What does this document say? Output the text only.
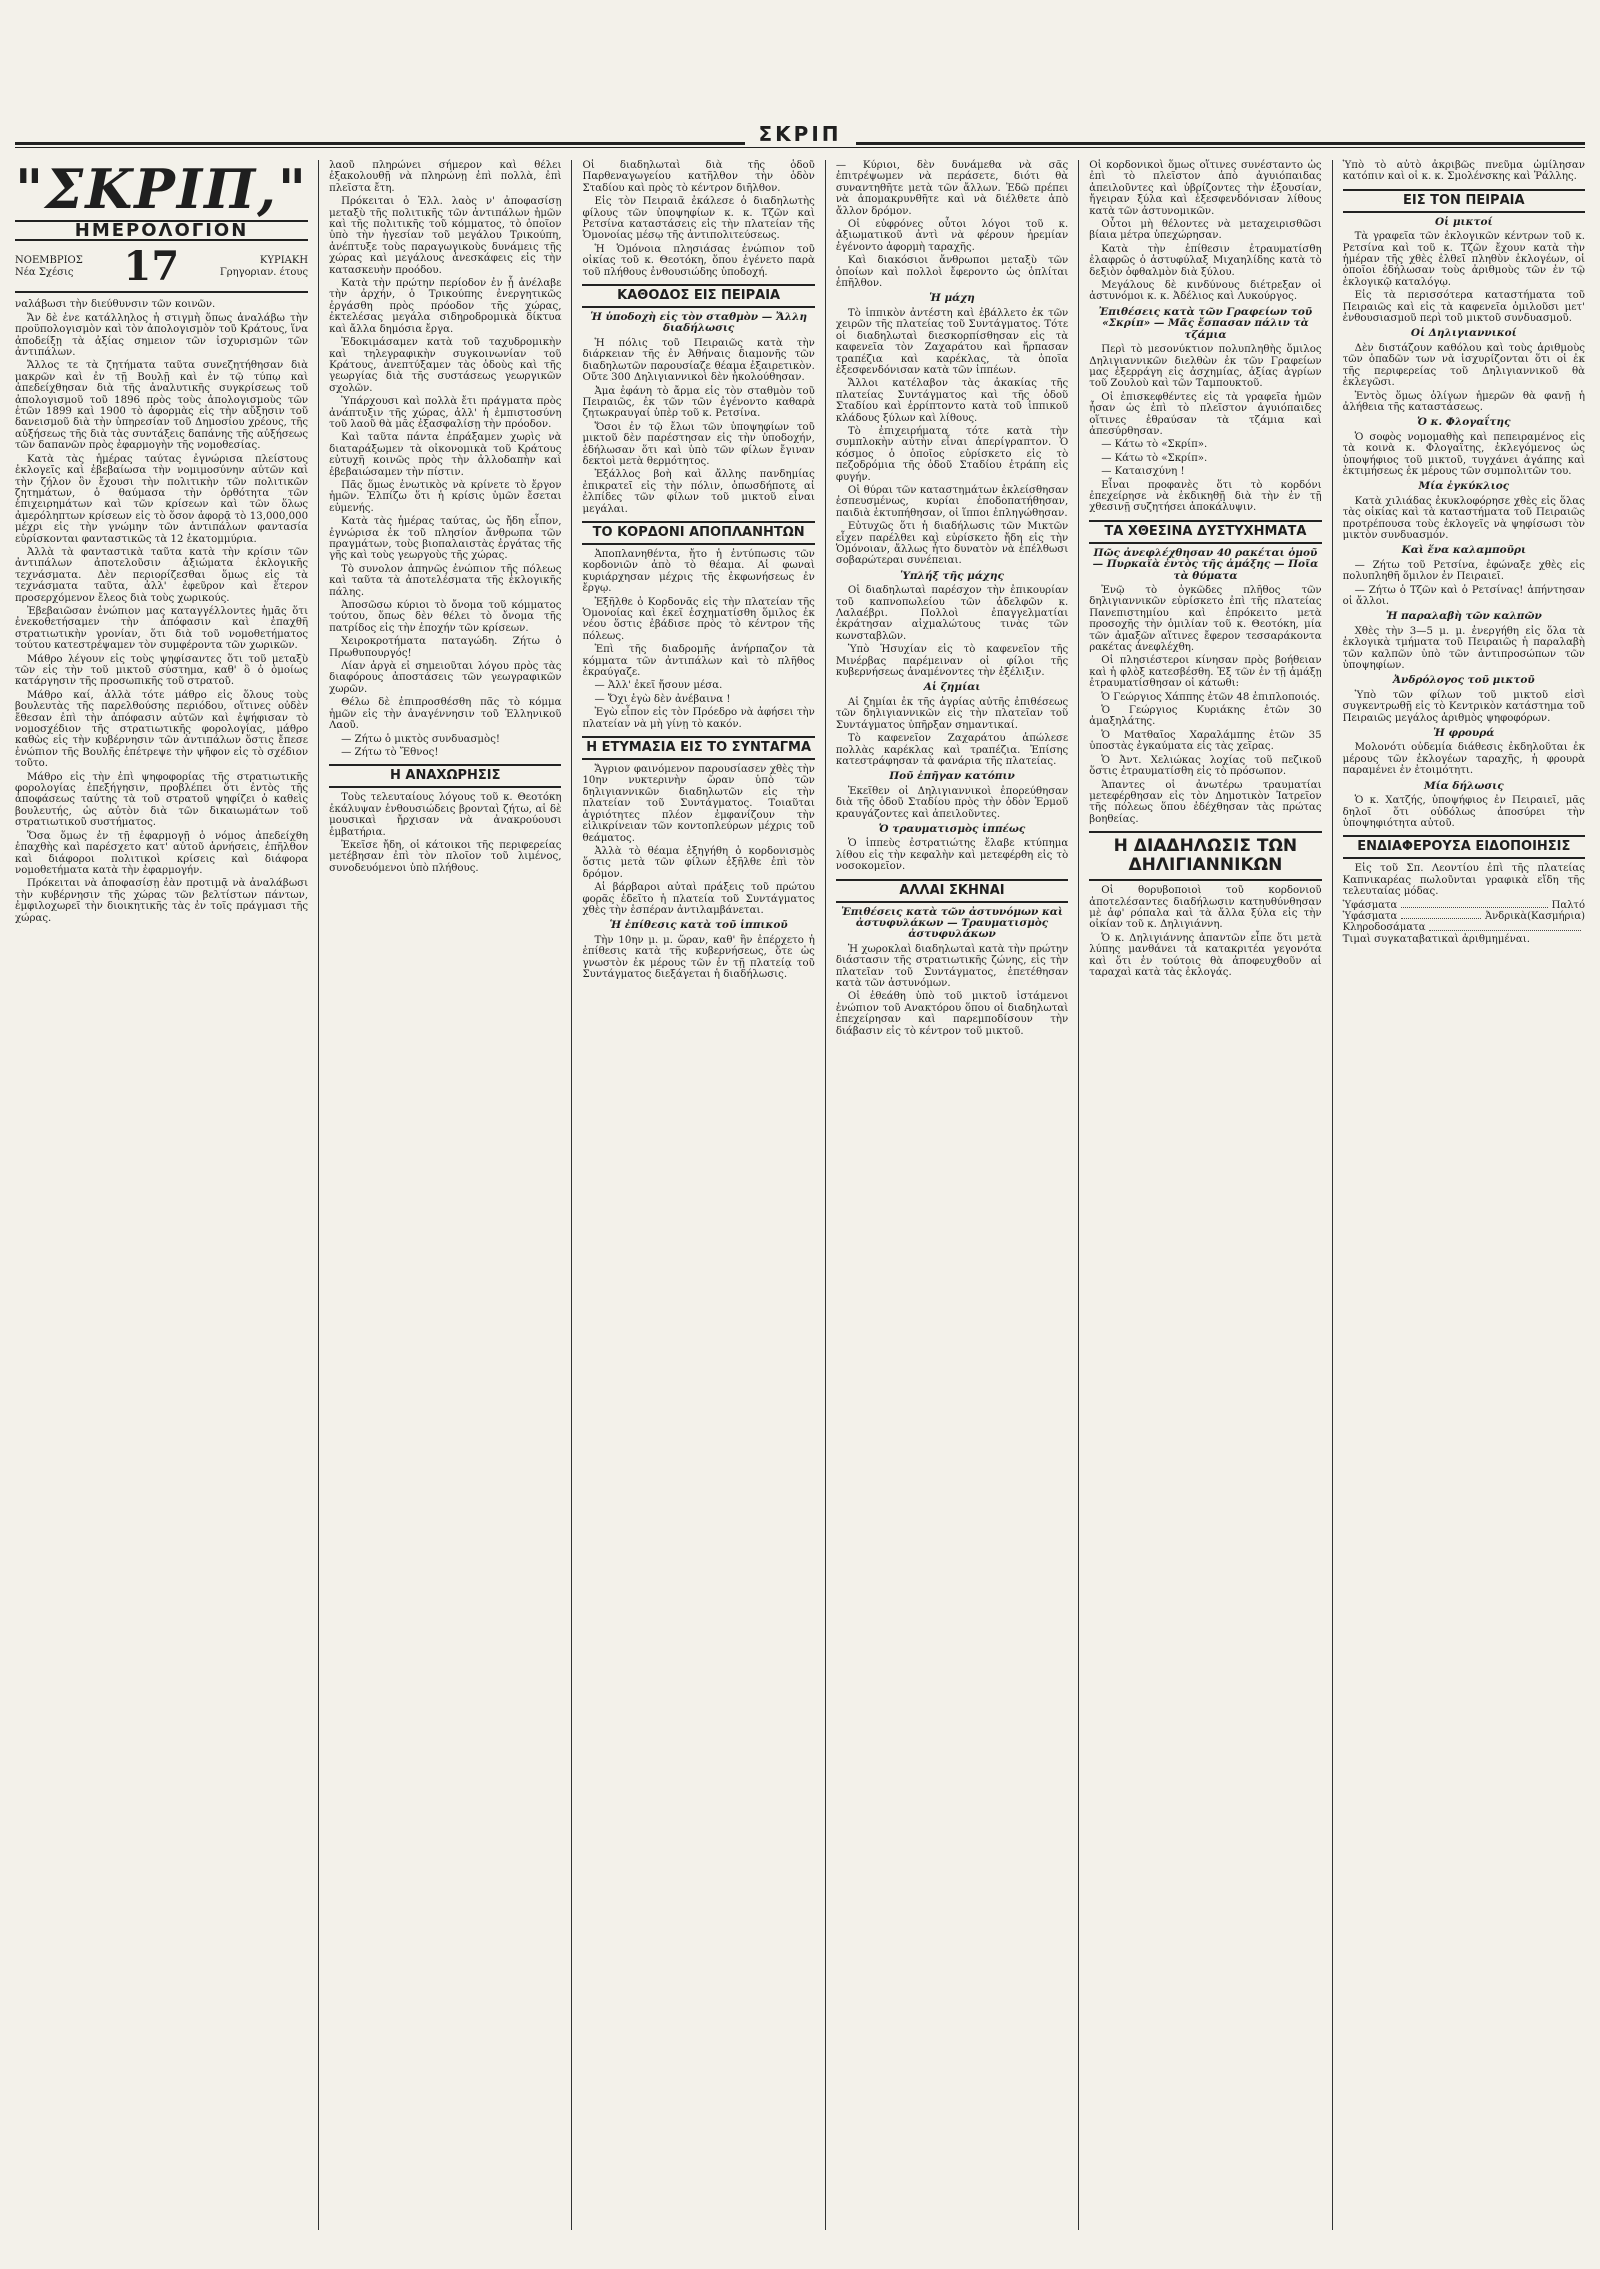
ΣΚΡΙΠ
"ΣΚΡΙΠ,"
ΗΜΕΡΟΛΟΓΙΟΝ
ΝΟΕΜΒΡΙΟΣ
Νέα Σχέσις 17	ΚΥΡΙΑΚΗ
Γρηγοριαν. έτους

ναλάβωσι τὴν διεύθυνσιν τῶν κοινῶν.

Ἄν δὲ ἐνε κατάλληλος ἡ στιγμὴ ὅπως ἀναλάβω τὴν προϋπολογισμὸν καὶ τὸν ἀπολογισμὸν τοῦ Κράτους, ἵνα ἀποδείξῃ τὰ ἀξίας σημειον τῶν ἰσχυρισμῶν τῶν ἀντιπάλων.

Ἄλλος τε τὰ ζητήματα ταῦτα συνεζητήθησαν διὰ μακρῶν καὶ ἐν τῇ Βουλῇ καὶ ἐν τῷ τύπῳ καὶ ἀπεδείχθησαν διὰ τῆς ἀναλυτικῆς συγκρίσεως τοῦ ἀπολογισμοῦ τοῦ 1896 πρὸς τοὺς ἀπολογισμοὺς τῶν ἐτῶν 1899 καὶ 1900 τὸ ἀφορμὰς εἰς τὴν αὔξησιν τοῦ δανεισμοῦ διὰ τὴν ὑπηρεσίαν τοῦ Δημοσίου χρέους, τῆς αὐξήσεως τῆς διὰ τὰς συντάξεις δαπάνης τῆς αὐξήσεως τῶν δαπανῶν πρὸς ἐφαρμογὴν τῆς νομοθεσίας.

Κατὰ τὰς ἡμέρας ταύτας ἐγνώρισα πλείστους ἐκλογεῖς καὶ ἐβεβαίωσα τὴν νομιμοσύνην αὐτῶν καὶ τὴν ζήλον ὃν ἔχουσι τὴν πολιτικὴν τῶν πολιτικῶν ζητημάτων, ὁ θαύμασα τὴν ὀρθότητα τῶν ἐπιχειρημάτων καὶ τῶν κρίσεων καὶ τῶν ὅλως ἀμερόληπτων κρίσεων εἰς τὸ ὅσον ἀφορᾷ τὸ 13,000,000 μέχρι εἰς τὴν γνώμην τῶν ἀντιπάλων φαντασία εὑρίσκονται φανταστικῶς τὰ 12 ἑκατομμύρια.

Ἀλλὰ τὰ φανταστικὰ ταῦτα κατὰ τὴν κρίσιν τῶν ἀντιπάλων ἀποτελοῦσιν ἀξιώματα ἐκλογικῆς τεχνάσματα. Δὲν περιορίζεσθαι ὅμως εἰς τὰ τεχνάσματα ταῦτα, ἀλλ' ἐφεῦρον καὶ ἕτερον προσερχόμενον ἔλεος διὰ τοὺς χωρικούς.

Ἐβεβαιῶσαν ἐνώπιον μας καταγγέλλοντες ἡμᾶς ὅτι ἐνεκοθετήσαμεν τὴν ἀπόφασιν καὶ ἐπαχθῆ στρατιωτικὴν γρονίαν, ὅτι διὰ τοῦ νομοθετήματος τούτου κατεστρέψαμεν τὸν συμφέροντα τῶν χωρικῶν.

Μάθρο λέγουν εἰς τοὺς ψηφίσαντες ὅτι τοῦ μεταξὺ τῶν εἰς τὴν τοῦ μικτοῦ σύστημα, καθ' ὃ ὁ ὁμοίως κατάργησιν τῆς προσωπικῆς τοῦ στρατοῦ.

Μάθρο καί, ἀλλὰ τότε μάθρο εἰς ὅλους τοὺς βουλευτὰς τῆς παρελθούσης περιόδου, οἵτινες οὐδὲν ἔθεσαν ἐπὶ τὴν ἀπόφασιν αὐτῶν καὶ ἐψήφισαν τὸ νομοσχέδιον τῆς στρατιωτικῆς φορολογίας, μάθρο καθὼς εἰς τὴν κυβέρνησιν τῶν ἀντιπάλων ὅστις ἔπεσε ἐνώπιον τῆς Βουλῆς ἐπέτρεψε τὴν ψῆφον εἰς τὸ σχέδιον τοῦτο.

Μάθρο εἰς τὴν ἐπὶ ψηφοφορίας τῆς στρατιωτικῆς φορολογίας ἐπεξήγησιν, προβλέπει ὅτι ἐντὸς τῆς ἀποφάσεως ταύτης τὰ τοῦ στρατοῦ ψηφίζει ὁ καθεὶς βουλευτής, ὡς αὐτὸν διὰ τῶν δικαιωμάτων τοῦ στρατιωτικοῦ συστήματος.

Ὅσα ὅμως ἐν τῇ ἐφαρμογῇ ὁ νόμος ἀπεδείχθη ἐπαχθὴς καὶ παρέσχετο κατ' αὐτοῦ ἀρνήσεις, ἐπῆλθον καὶ διάφοροι πολιτικοὶ κρίσεις καὶ διάφορα νομοθετήματα κατὰ τὴν ἐφαρμογήν.

Πρόκειται νὰ ἀποφασίσῃ ἐὰν προτιμᾷ νὰ ἀναλάβωσι τὴν κυβέρνησιν τῆς χώρας τῶν βελτίστων πάντων, ἐμφιλοχωρεῖ τὴν διοικητικῆς τὰς ἐν τοῖς πράγμασι τῆς χώρας.

λαοῦ πληρώνει σήμερον καὶ θέλει ἐξακολουθῇ νὰ πληρώνῃ ἐπὶ πολλὰ, ἐπὶ πλεῖστα ἔτη.

Πρόκειται ὁ Ἑλλ. λαὸς ν' ἀποφασίσῃ μεταξὺ τῆς πολιτικῆς τῶν ἀντιπάλων ἡμῶν καὶ τῆς πολιτικῆς τοῦ κόμματος, τὸ ὁποῖον ὑπὸ τὴν ἡγεσίαν τοῦ μεγάλου Τρικούπη, ἀνέπτυξε τοὺς παραγωγικοὺς δυνάμεις τῆς χώρας καὶ μεγάλους ἀνεσκάφεις εἰς τὴν κατασκευὴν προόδου.

Κατὰ τὴν πρώτην περίοδον ἐν ᾗ ἀνέλαβε τὴν ἀρχήν, ὁ Τρικούπης ἐνεργητικῶς ἐργάσθη πρὸς πρόοδον τῆς χώρας, ἐκτελέσας μεγάλα σιδηροδρομικὰ δίκτυα καὶ ἄλλα δημόσια ἔργα.

Ἐδοκιμάσαμεν κατὰ τοῦ ταχυδρομικὴν καὶ τηλεγραφικὴν συγκοινωνίαν τοῦ Κράτους, ἀνεπτύξαμεν τὰς ὁδοὺς καὶ τῆς γεωργίας διὰ τῆς συστάσεως γεωργικῶν σχολῶν.

Ὑπάρχουσι καὶ πολλὰ ἔτι πράγματα πρὸς ἀνάπτυξιν τῆς χώρας, ἀλλ' ἡ ἐμπιστοσύνη τοῦ λαοῦ θὰ μᾶς ἐξασφαλίσῃ τὴν πρόοδον.

Καὶ ταῦτα πάντα ἐπράξαμεν χωρὶς νὰ διαταράξωμεν τὰ οἰκονομικὰ τοῦ Κράτους εὐτυχῆ κοινῶς πρὸς τὴν ἀλλοδαπὴν καὶ ἐβεβαιώσαμεν τὴν πίστιν.

Πᾶς ὅμως ἐνωτικὸς νὰ κρίνετε τὸ ἔργον ἡμῶν. Ἐλπίζω ὅτι ἡ κρίσις ὑμῶν ἔσεται εὐμενής.

Κατὰ τὰς ἡμέρας ταύτας, ὡς ἤδη εἶπον, ἐγνώρισα ἐκ τοῦ πλησίον ἄνθρωπα τῶν πραγμάτων, τοὺς βιοπαλαιστὰς ἐργάτας τῆς γῆς καὶ τοὺς γεωργοὺς τῆς χώρας.

Τὸ συνολον ἀπηνῶς ἐνώπιον τῆς πόλεως καὶ ταῦτα τὰ ἀποτελέσματα τῆς ἐκλογικῆς πάλης.

Ἀποσῶσω κύριοι τὸ ὄνομα τοῦ κόμματος τούτου, ὅπως δὲν θέλει τὸ ὄνομα τῆς πατρίδος εἰς τὴν ἐποχήν τῶν κρίσεων.

Χειροκροτήματα παταγώδη. Ζήτω ὁ Πρωθυπουργός!

Λίαν ἀργὰ εἰ σημειοῦται λόγου πρὸς τὰς διαφόρους ἀποστάσεις τῶν γεωγραφικῶν χωρῶν.

Θέλω δὲ ἐπιπροσθέσθη πᾶς τὸ κόμμα ἡμῶν εἰς τὴν ἀναγέννησιν τοῦ Ἑλληνικοῦ Λαοῦ.

— Ζήτω ὁ μικτὸς συνδυασμὸς!

— Ζήτω τὸ Ἔθνος!

Η ΑΝΑΧΩΡΗΣΙΣ

Τοὺς τελευταίους λόγους τοῦ κ. Θεοτόκη ἐκάλυψαν ἐνθουσιώδεις βρονταὶ ζήτω, αἱ δὲ μουσικαὶ ἤρχισαν νὰ ἀνακρούουσι ἐμβατήρια.

Ἐκεῖσε ἤδη, οἱ κάτοικοι τῆς περιφερείας μετέβησαν ἐπὶ τὸν πλοῖον τοῦ λιμένος, συνοδευόμενοι ὑπὸ πλήθους.

Οἱ διαδηλωταὶ διὰ τῆς ὁδοῦ Παρθεναγωγείου κατῆλθον τὴν ὁδὸν Σταδίου καὶ πρὸς τὸ κέντρον διῆλθον.

Εἰς τὸν Πειραιᾶ ἐκάλεσε ὁ διαδηλωτὴς φίλους τῶν ὑποψηφίων κ. κ. Τζῶν καὶ Ρετσίνα καταστάσεις εἰς τὴν πλατείαν τῆς Ὁμονοίας μέσῳ τῆς ἀντιπολιτεύσεως.

Ἡ Ὁμόνοια πλησιάσας ἐνώπιον τοῦ οἰκίας τοῦ κ. Θεοτόκη, ὅπου ἐγένετο παρὰ τοῦ πλήθους ἐνθουσιώδης ὑποδοχή.

ΚΑΘΟΔΟΣ ΕΙΣ ΠΕΙΡΑΙΑ
Ἡ ὑποδοχὴ εἰς τὸν σταθμὸν — Ἄλλη διαδήλωσις

Ἡ πόλις τοῦ Πειραιῶς κατὰ τὴν διάρκειαν τῆς ἐν Ἀθήναις διαμονῆς τῶν διαδηλωτῶν παρουσίαζε θέαμα ἐξαιρετικὸν. Οὔτε 300 Δηλιγιαννικοὶ δὲν ἠκολούθησαν.

Ἀμα ἐφάνη τὸ ἄρμα εἰς τὸν σταθμὸν τοῦ Πειραιῶς, ἐκ τῶν τῶν ἐγένοντο καθαρὰ ζητωκραυγαί ὑπὲρ τοῦ κ. Ρετσίνα.

Ὅσοι ἐν τῷ ἔλωι τῶν ὑποψηφίων τοῦ μικτοῦ δὲν παρέστησαν εἰς τὴν ὑποδοχήν, ἐδήλωσαν ὅτι καὶ ὑπὸ τῶν φίλων ἔγιναν δεκτοὶ μετὰ θερμότητος.

Ἐξάλλος βοὴ καὶ ἄλλης πανδημίας ἐπικρατεῖ εἰς τὴν πόλιν, ὁπωσδήποτε αἱ ἐλπίδες τῶν φίλων τοῦ μικτοῦ εἶναι μεγάλαι.

ΤΟ ΚΟΡΔΟΝΙ ΑΠΟΠΛΑΝΗΤΩΝ

Ἀποπλανηθέντα, ἤτο ἡ ἐντύπωσις τῶν κορδονιῶν ἀπὸ τὸ θέαμα. Αἱ φωναὶ κυριάρχησαν μέχρις τῆς ἐκφωνήσεως ἐν ἔργῳ.

Ἐξῆλθε ὁ Κορδονᾶς εἰς τὴν πλατείαν τῆς Ὁμονοίας καὶ ἐκεῖ ἐσχηματίσθη ὅμιλος ἐκ νέου ὅστις ἐβάδισε πρὸς τὸ κέντρον τῆς πόλεως.

Ἐπὶ τῆς διαδρομῆς ἀνήρπαζον τὰ κόμματα τῶν ἀντιπάλων καὶ τὸ πλῆθος ἐκραύγαζε.

— Ἀλλ' ἐκεῖ ἤσουν μέσα.

— Ὄχι ἐγὼ δὲν ἀνέβαινα !

Ἐγὼ εἶπον εἰς τὸν Πρόεδρο νὰ ἀφήσει τὴν πλατείαν νὰ μὴ γίνῃ τὸ κακόν.

Η ΕΤΥΜΑΣΙΑ ΕΙΣ ΤΟ ΣΥΝΤΑΓΜΑ

Ἄγριον φαινόμενον παρουσίασεν χθὲς τὴν 10ην νυκτερινὴν ὥραν ὑπὸ τῶν δηλιγιαννικῶν διαδηλωτῶν εἰς τὴν πλατείαν τοῦ Συντάγματος. Τοιαῦται ἀγριότητες πλέον ἐμφανίζουν τὴν εἰλικρίνειαν τῶν κοντοπλεύρων μέχρις τοῦ θεάματος.

Ἀλλὰ τὸ θέαμα ἐξηγήθη ὁ κορδονισμὸς ὅστις μετὰ τῶν φίλων ἐξῆλθε ἐπὶ τὸν δρόμον.

Αἱ βάρβαροι αὐταὶ πράξεις τοῦ πρώτου φορᾶς ἐδεῖτο ἡ πλατεία τοῦ Συντάγματος χθὲς τὴν ἑσπέραν ἀντιλαμβάνεται.

Ἡ ἐπίθεσις κατὰ τοῦ ἱππικοῦ

Τὴν 10ην μ. μ. ὥραν, καθ' ἣν ἐπέρχετο ἡ ἐπίθεσις κατὰ τῆς κυβερνήσεως, ὅτε ὡς γνωστὸν ἐκ μέρους τῶν ἐν τῇ πλατείᾳ τοῦ Συντάγματος διεξάγεται ἡ διαδήλωσις.

— Κύριοι, δὲν δυνάμεθα νὰ σᾶς ἐπιτρέψωμεν νὰ περάσετε, διότι θὰ συναντηθῆτε μετὰ τῶν ἄλλων. Ἐδῶ πρέπει νὰ ἀπομακρυνθῆτε καὶ νὰ διέλθετε ἀπὸ ἄλλον δρόμον.

Οἱ εὐφρόνες οὗτοι λόγοι τοῦ κ. ἀξιωματικοῦ ἀντὶ νὰ φέρουν ἠρεμίαν ἐγένοντο ἀφορμὴ ταραχῆς.

Καὶ διακόσιοι ἄνθρωποι μεταξὺ τῶν ὁποίων καὶ πολλοὶ ἔφεροντο ὡς ὁπλίται ἐπῆλθον.

Ἡ μάχη

Τὸ ἱππικὸν ἀντέστη καὶ ἐβάλλετο ἐκ τῶν χειρῶν τῆς πλατείας τοῦ Συντάγματος. Τότε οἱ διαδηλωταὶ διεσκορπίσθησαν εἰς τὰ καφενεῖα τὸν Ζαχαράτου καὶ ἤρπασαν τραπέζια καὶ καρέκλας, τὰ ὁποῖα ἐξεσφενδόνισαν κατὰ τῶν ἱππέων.

Ἄλλοι κατέλαβον τὰς ἀκακίας τῆς πλατείας Συντάγματος καὶ τῆς ὁδοῦ Σταδίου καὶ ἐρρίπτοντο κατὰ τοῦ ἱππικοῦ κλάδους ξύλων καὶ λίθους.

Τὸ ἐπιχειρήματα τότε κατὰ τὴν συμπλοκὴν αὐτὴν εἶναι ἀπερίγραπτον. Ὁ κόσμος ὁ ὁποῖος εὑρίσκετο εἰς τὸ πεζοδρόμια τῆς ὁδοῦ Σταδίου ἐτράπη εἰς φυγήν.

Οἱ θύραι τῶν καταστημάτων ἐκλείσθησαν ἐσπευσμένως, κυρίαι ἐποδοπατήθησαν, παιδιὰ ἐκτυπήθησαν, οἱ ἵπποι ἐπληγώθησαν.

Εὐτυχῶς ὅτι ἡ διαδήλωσις τῶν Μικτῶν εἶχεν παρέλθει καὶ εὑρίσκετο ἤδη εἰς τὴν Ὁμόνοιαν, ἄλλως ἦτο δυνατὸν νὰ ἐπέλθωσι σοβαρώτεραι συνέπειαι.

Ὑπλήξ τῆς μάχης

Οἱ διαδηλωταὶ παρέσχον τὴν ἐπικουρίαν τοῦ καπνοπωλείου τῶν ἀδελφῶν κ. Λαλαέβρι. Πολλοὶ ἐπαγγελματίαι ἐκράτησαν αἰχμαλώτους τινὰς τῶν κωνσταβλῶν.

Ὑπὸ Ἡσυχίαν εἰς τὸ καφενεῖον τῆς Μινέρβας παρέμειναν οἱ φίλοι τῆς κυβερνήσεως ἀναμένοντες τὴν ἐξέλιξιν.

Αἱ ζημίαι

Αἱ ζημίαι ἐκ τῆς ἀγρίας αὐτῆς ἐπιθέσεως τῶν δηλιγιαννικῶν εἰς τὴν πλατεῖαν τοῦ Συντάγματος ὑπῆρξαν σημαντικαί.

Τὸ καφενεῖον Ζαχαράτου ἀπώλεσε πολλὰς καρέκλας καὶ τραπέζια. Ἐπίσης κατεστράφησαν τὰ φανάρια τῆς πλατείας.

Ποῦ ἐπῆγαν κατόπιν

Ἐκεῖθεν οἱ Δηλιγιαννικοὶ ἐπορεύθησαν διὰ τῆς ὁδοῦ Σταδίου πρὸς τὴν ὁδὸν Ἑρμοῦ κραυγάζοντες καὶ ἀπειλοῦντες.

Ὁ τραυματισμὸς ἱππέως

Ὁ ἱππεὺς ἐστρατιώτης ἔλαβε κτύπημα λίθου εἰς τὴν κεφαλὴν καὶ μετεφέρθη εἰς τὸ νοσοκομεῖον.

ΑΛΛΑΙ ΣΚΗΝΑΙ
Ἐπιθέσεις κατὰ τῶν ἀστυνόμων καὶ ἀστυφυλάκων — Τραυματισμὸς ἀστυφυλάκων

Ἡ χωροκλαὶ διαδηλωταὶ κατὰ τὴν πρώτην διάστασιν τῆς στρατιωτικῆς ζώνης, εἰς τὴν πλατεῖαν τοῦ Συντάγματος, ἐπετέθησαν κατὰ τῶν ἀστυνόμων.

Οἱ ἐθεάθη ὑπὸ τοῦ μικτοῦ ἱστάμενοι ἐνώπιον τοῦ Ανακτόρου ὅπου οἱ διαδηλωταὶ ἐπεχείρησαν καὶ παρεμποδίσουν τὴν διάβασιν εἰς τὸ κέντρον τοῦ μικτοῦ.

Οἱ κορδονικοὶ ὅμως οἵτινες συνέσταντο ὡς ἐπὶ τὸ πλεῖστον ἀπὸ ἀγυιόπαιδας ἀπειλοῦντες καὶ ὑβρίζοντες τὴν ἐξουσίαν, ἤγειραν ξύλα καὶ ἐξεσφενδόνισαν λίθους κατὰ τῶν ἀστυνομικῶν.

Οὗτοι μὴ θέλοντες νὰ μεταχειρισθῶσι βίαια μέτρα ὑπεχώρησαν.

Κατὰ τὴν ἐπίθεσιν ἐτραυματίσθη ἐλαφρῶς ὁ ἀστυφύλαξ Μιχαηλίδης κατὰ τὸ δεξιὸν ὀφθαλμὸν διὰ ξύλου.

Μεγάλους δὲ κινδύνους διέτρεξαν οἱ ἀστυνόμοι κ. κ. Ἀδέλιος καὶ Λυκούργος.

Ἐπιθέσεις κατὰ τῶν Γραφείων τοῦ «Σκρίπ» — Μᾶς ἔσπασαν πάλιν τὰ τζάμια

Περὶ τὸ μεσονύκτιον πολυπληθὴς ὅμιλος Δηλιγιαννικῶν διελθὼν ἐκ τῶν Γραφείων μας ἐξερράγη εἰς ἀσχημίας, ἀξίας ἀγρίων τοῦ Ζουλοὺ καὶ τῶν Ταμπουκτοῦ.

Οἱ ἐπισκεφθέντες εἰς τὰ γραφεῖα ἡμῶν ἦσαν ὡς ἐπὶ τὸ πλεῖστον ἀγυιόπαιδες οἵτινες ἐθραύσαν τὰ τζάμια καὶ ἀπεσύρθησαν.

— Κάτω τὸ «Σκρίπ».

— Κάτω τὸ «Σκρίπ».

— Καταισχύνη !

Εἶναι προφανὲς ὅτι τὸ κορδόνι ἐπεχείρησε νὰ ἐκδικηθῇ διὰ τὴν ἐν τῇ χθεσινῇ συζητήσει ἀποκάλυψιν.

ΤΑ ΧΘΕΣΙΝΑ ΔΥΣΤΥΧΗΜΑΤΑ
Πῶς ἀνεφλέχθησαν 40 ρακέται ὁμοῦ — Πυρκαϊὰ ἐντὸς τῆς ἀμάξης — Ποῖα τὰ θύματα

Ἐνῷ τὸ ὀγκῶδες πλῆθος τῶν δηλιγιαννικῶν εὑρίσκετο ἐπὶ τῆς πλατείας Πανεπιστημίου καὶ ἐπρόκειτο μετὰ προσοχῆς τὴν ὁμιλίαν τοῦ κ. Θεοτόκη, μία τῶν ἀμαξῶν αἵτινες ἔφερον τεσσαράκοντα ρακέτας ἀνεφλέχθη.

Οἱ πλησιέστεροι κίνησαν πρὸς βοήθειαν καὶ ἡ φλὸξ κατεσβέσθη. Ἐξ τῶν ἐν τῇ ἀμάξῃ ἐτραυματίσθησαν οἱ κάτωθι:

Ὁ Γεώργιος Χάππης ἐτῶν 48 ἐπιπλοποιός.

Ὁ Γεώργιος Κυριάκης ἐτῶν 30 ἀμαξηλάτης.

Ὁ Ματθαῖος Χαραλάμπης ἐτῶν 35 ὑποστὰς ἐγκαύματα εἰς τὰς χεῖρας.

Ὁ Ἀντ. Χελιώκας λοχίας τοῦ πεζικοῦ ὅστις ἐτραυματίσθη εἰς τὸ πρόσωπον.

Ἁπαντες οἱ ἀνωτέρω τραυματίαι μετεφέρθησαν εἰς τὸν Δημοτικὸν Ἰατρεῖον τῆς πόλεως ὅπου ἐδέχθησαν τὰς πρώτας βοηθείας.

Η ΔΙΑΔΗΛΩΣΙΣ ΤΩΝ ΔΗΛΙΓΙΑΝΝΙΚΩΝ

Οἱ θορυβοποιοὶ τοῦ κορδονιοῦ ἀποτελέσαντες διαδήλωσιν κατηυθύνθησαν μὲ ἀφ' ρόπαλα καὶ τὰ ἄλλα ξύλα εἰς τὴν οἰκίαν τοῦ κ. Δηλιγιάννη.

Ὁ κ. Δηλιγιάννης ἀπαντῶν εἶπε ὅτι μετὰ λύπης μανθάνει τὰ κατακριτέα γεγονότα καὶ ὅτι ἐν τούτοις θὰ ἀποφευχθοῦν αἱ ταραχαὶ κατὰ τὰς ἐκλογάς.

Ὑπὸ τὸ αὐτὸ ἀκριβῶς πνεῦμα ὡμίλησαν κατόπιν καὶ οἱ κ. κ. Σμολένσκης καὶ Ῥάλλης.

ΕΙΣ ΤΟΝ ΠΕΙΡΑΙΑ
Οἱ μικτοί

Τὰ γραφεῖα τῶν ἐκλογικῶν κέντρων τοῦ κ. Ρετσίνα καὶ τοῦ κ. Τζῶν ἔχουν κατὰ τὴν ἡμέραν τῆς χθὲς ἐλθεῖ πληθὺν ἐκλογέων, οἱ ὁποῖοι ἐδήλωσαν τοὺς ἀριθμοὺς τῶν ἐν τῷ ἐκλογικῷ καταλόγῳ.

Εἰς τὰ περισσότερα καταστήματα τοῦ Πειραιῶς καὶ εἰς τὰ καφενεῖα ὁμιλοῦσι μετ' ἐνθουσιασμοῦ περὶ τοῦ μικτοῦ συνδυασμοῦ.

Οἱ Δηλιγιαννικοί

Δὲν διστάζουν καθόλου καὶ τοὺς ἀριθμοὺς τῶν ὁπαδῶν των νὰ ἰσχυρίζονται ὅτι οἱ ἐκ τῆς περιφερείας τοῦ Δηλιγιαννικοῦ θὰ ἐκλεγῶσι.

Ἐντὸς ὅμως ὀλίγων ἡμερῶν θὰ φανῇ ἡ ἀλήθεια τῆς καταστάσεως.

Ὁ κ. Φλογαΐτης

Ὁ σοφὸς νομομαθὴς καὶ πεπειραμένος εἰς τὰ κοινὰ κ. Φλογαΐτης, ἐκλεγόμενος ὡς ὑποψήφιος τοῦ μικτοῦ, τυγχάνει ἀγάπης καὶ ἐκτιμήσεως ἐκ μέρους τῶν συμπολιτῶν του.

Μία ἐγκύκλιος

Κατὰ χιλιάδας ἐκυκλοφόρησε χθὲς εἰς ὅλας τὰς οἰκίας καὶ τὰ καταστήματα τοῦ Πειραιῶς προτρέπουσα τοὺς ἐκλογεῖς νὰ ψηφίσωσι τὸν μικτὸν συνδυασμόν.

Καὶ ἕνα καλαμποῦρι

— Ζήτω τοῦ Ρετσίνα, ἐφώναξε χθὲς εἰς πολυπληθῆ ὅμιλον ἐν Πειραιεῖ.

— Ζήτω ὁ Τζῶν καὶ ὁ Ρετσίνας! ἀπήντησαν οἱ ἄλλοι.

Ἡ παραλαβὴ τῶν καλπῶν

Χθὲς τὴν 3—5 μ. μ. ἐνεργήθη εἰς ὅλα τὰ ἐκλογικὰ τμήματα τοῦ Πειραιῶς ἡ παραλαβὴ τῶν καλπῶν ὑπὸ τῶν ἀντιπροσώπων τῶν ὑποψηφίων.

Ἀνδρόλογος τοῦ μικτοῦ

Ὑπὸ τῶν φίλων τοῦ μικτοῦ εἰσὶ συγκεντρωθῇ εἰς τὸ Κεντρικὸν κατάστημα τοῦ Πειραιῶς μεγάλος ἀριθμὸς ψηφοφόρων.

Ἡ φρουρά

Μολονότι οὐδεμία διάθεσις ἐκδηλοῦται ἐκ μέρους τῶν ἐκλογέων ταραχῆς, ἡ φρουρὰ παραμένει ἐν ἐτοιμότητι.

Μία δήλωσις

Ὁ κ. Χατζής, ὑποψήφιος ἐν Πειραιεῖ, μᾶς δηλοῖ ὅτι οὐδόλως ἀποσύρει τὴν ὑποψηφιότητα αὐτοῦ.

ΕΝΔΙΑΦΕΡΟΥΣΑ ΕΙΔΟΠΟΙΗΣΙΣ

Εἰς τοῦ Σπ. Λεοντίου ἐπὶ τῆς πλατείας Καπνικαρέας πωλοῦνται γραφικὰ εἴδη τῆς τελευταίας μόδας.

Ὑφάσματα	Παλτό
Ὑφάσματα	Ἀνδρικὰ(Κασμήρια)
Κληροδοσάματα

Τιμαὶ συγκαταβατικαὶ ἀριθμημέναι.
